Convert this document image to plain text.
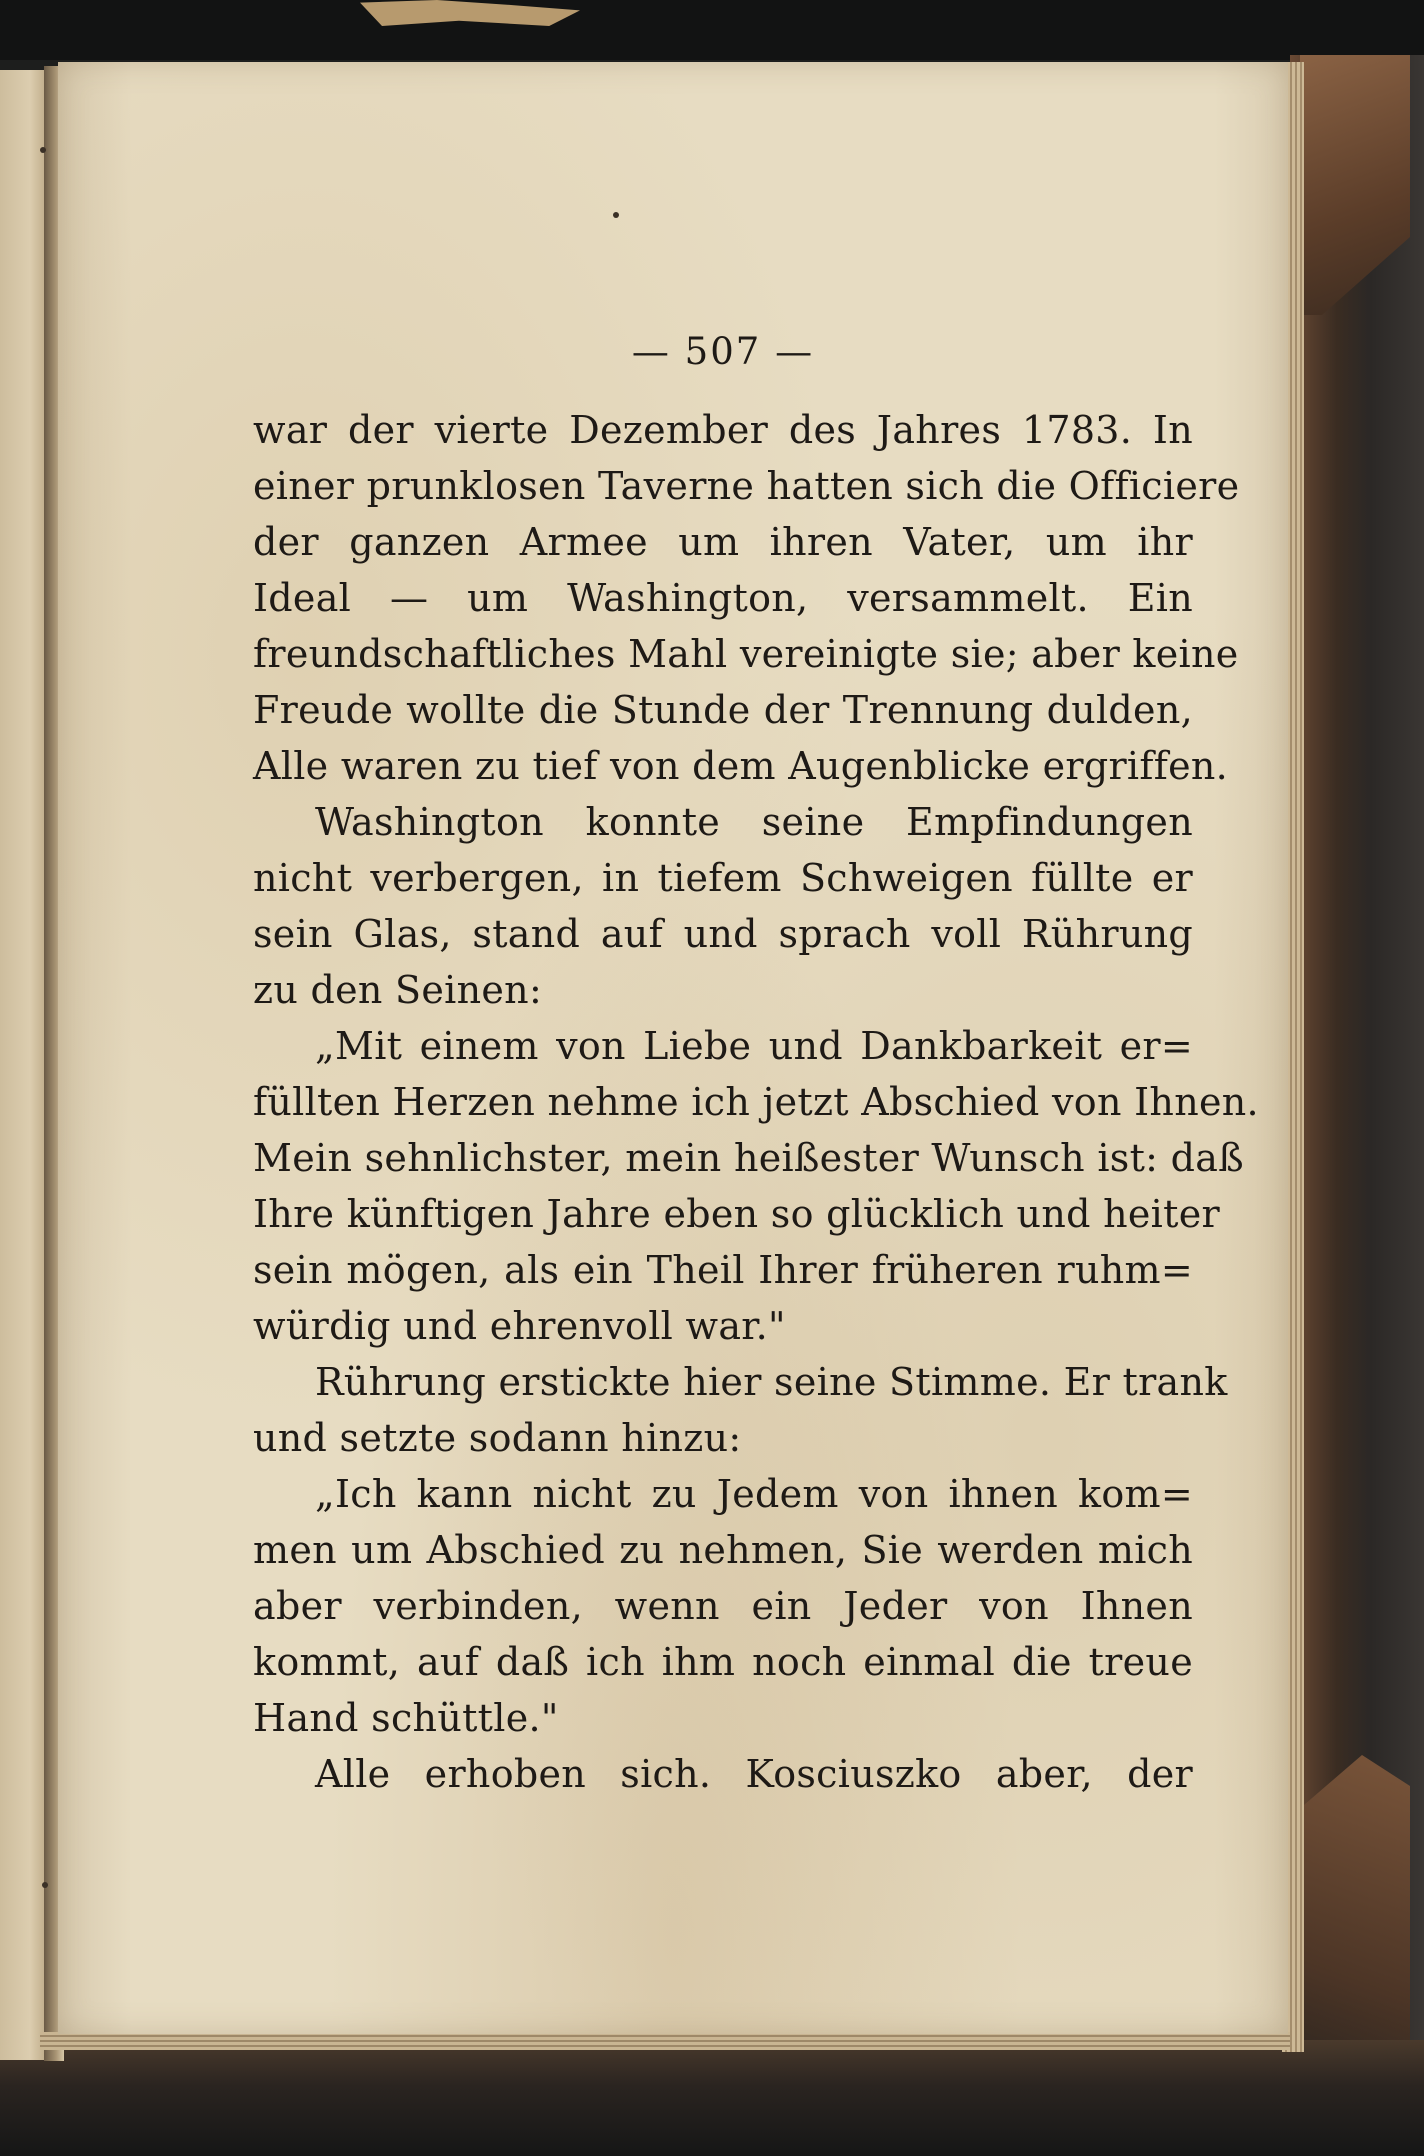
— 507 —
war der vierte Dezember des Jahres 1783. In
einer prunklosen Taverne hatten sich die Officiere
der ganzen Armee um ihren Vater, um ihr
Ideal — um Washington, versammelt. Ein
freundschaftliches Mahl vereinigte sie; aber keine
Freude wollte die Stunde der Trennung dulden,
Alle waren zu tief von dem Augenblicke ergriffen.
Washington konnte seine Empfindungen
nicht verbergen, in tiefem Schweigen füllte er
sein Glas, stand auf und sprach voll Rührung
zu den Seinen:
„Mit einem von Liebe und Dankbarkeit er=
füllten Herzen nehme ich jetzt Abschied von Ihnen.
Mein sehnlichster, mein heißester Wunsch ist: daß
Ihre künftigen Jahre eben so glücklich und heiter
sein mögen, als ein Theil Ihrer früheren ruhm=
würdig und ehrenvoll war."
Rührung erstickte hier seine Stimme. Er trank
und setzte sodann hinzu:
„Ich kann nicht zu Jedem von ihnen kom=
men um Abschied zu nehmen, Sie werden mich
aber verbinden, wenn ein Jeder von Ihnen
kommt, auf daß ich ihm noch einmal die treue
Hand schüttle."
Alle erhoben sich. Kosciuszko aber, der
